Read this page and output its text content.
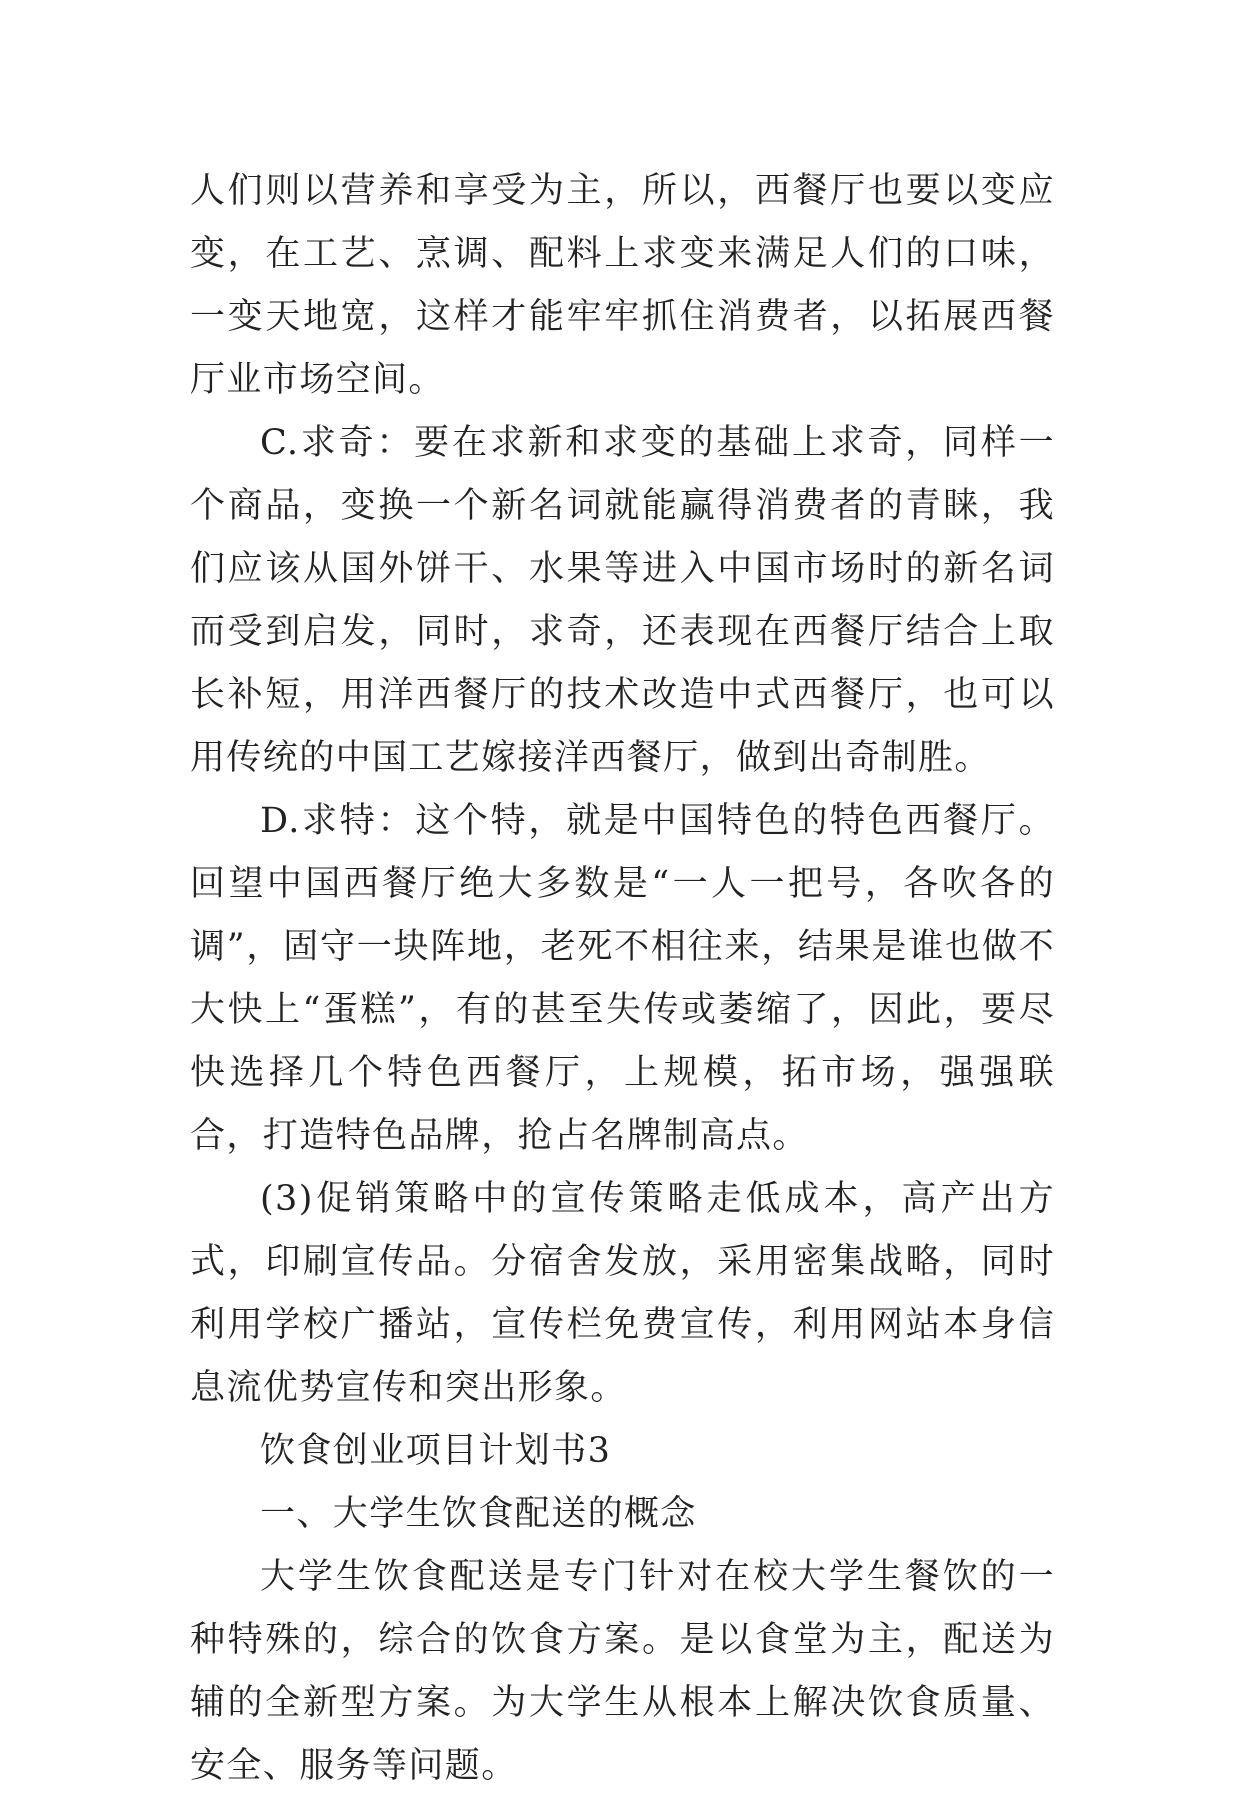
人们则以营养和享受为主，所以，西餐厅也要以变应变，在工艺、烹调、配料上求变来满足人们的口味，一变天地宽，这样才能牢牢抓住消费者，以拓展西餐厅业市场空间。

C.求奇：要在求新和求变的基础上求奇，同样一个商品，变换一个新名词就能赢得消费者的青睐，我们应该从国外饼干、水果等进入中国市场时的新名词而受到启发，同时，求奇，还表现在西餐厅结合上取长补短，用洋西餐厅的技术改造中式西餐厅，也可以用传统的中国工艺嫁接洋西餐厅，做到出奇制胜。

D.求特：这个特，就是中国特色的特色西餐厅。回望中国西餐厅绝大多数是“一人一把号，各吹各的调”，固守一块阵地，老死不相往来，结果是谁也做不大快上“蛋糕”，有的甚至失传或萎缩了，因此，要尽快选择几个特色西餐厅，上规模，拓市场，强强联合，打造特色品牌，抢占名牌制高点。

(3)促销策略中的宣传策略走低成本，高产出方式，印刷宣传品。分宿舍发放，采用密集战略，同时利用学校广播站，宣传栏免费宣传，利用网站本身信息流优势宣传和突出形象。

饮食创业项目计划书3

一、大学生饮食配送的概念

大学生饮食配送是专门针对在校大学生餐饮的一种特殊的，综合的饮食方案。是以食堂为主，配送为辅的全新型方案。为大学生从根本上解决饮食质量、安全、服务等问题。
